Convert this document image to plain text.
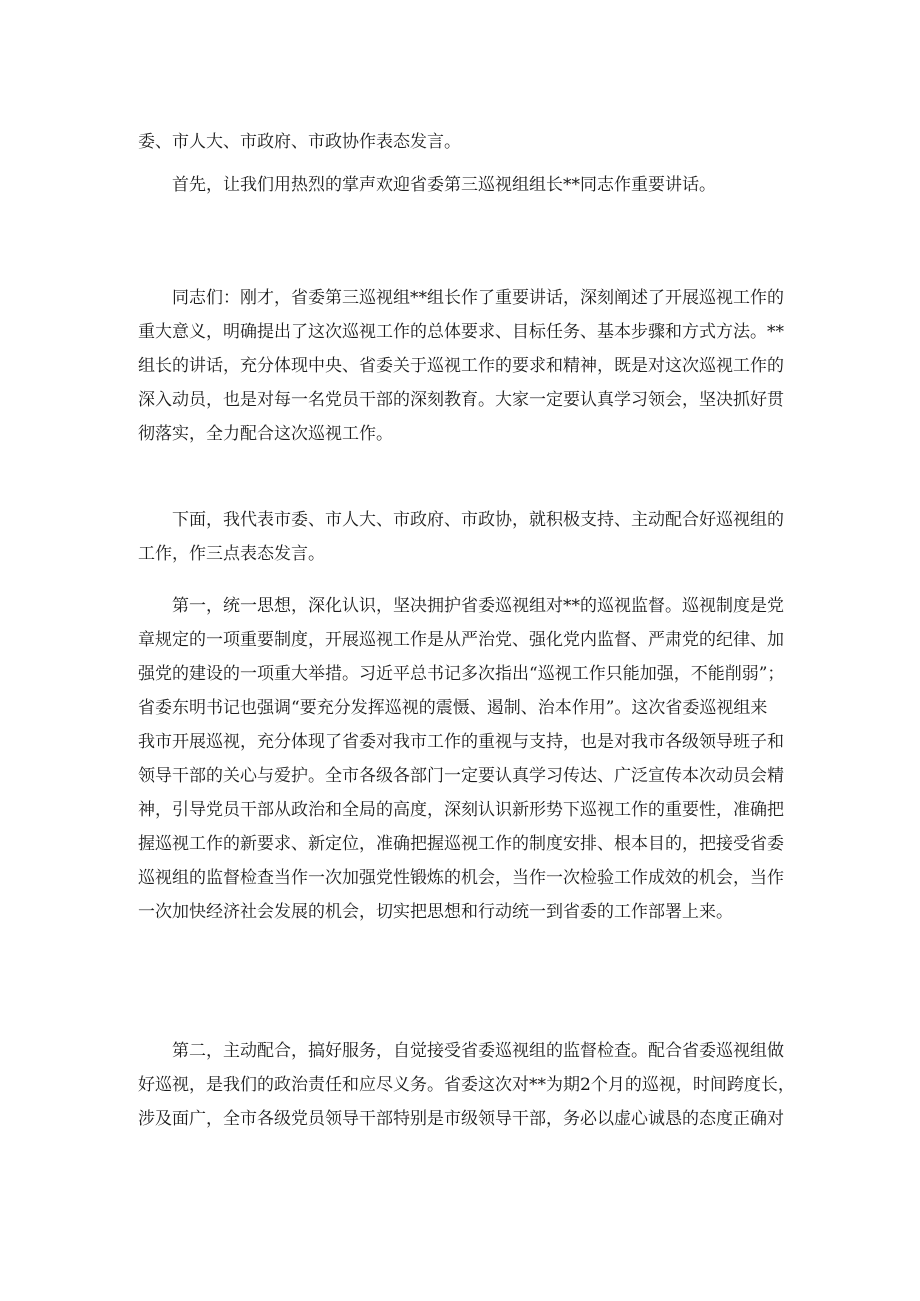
委、市人大、市政府、市政协作表态发言。
首先，让我们用热烈的掌声欢迎省委第三巡视组组长**同志作重要讲话。
同志们：刚才，省委第三巡视组**组长作了重要讲话，深刻阐述了开展巡视工作的
重大意义，明确提出了这次巡视工作的总体要求、目标任务、基本步骤和方式方法。**
组长的讲话，充分体现中央、省委关于巡视工作的要求和精神，既是对这次巡视工作的
深入动员，也是对每一名党员干部的深刻教育。大家一定要认真学习领会，坚决抓好贯
彻落实，全力配合这次巡视工作。
下面，我代表市委、市人大、市政府、市政协，就积极支持、主动配合好巡视组的
工作，作三点表态发言。
第一，统一思想，深化认识，坚决拥护省委巡视组对**的巡视监督。巡视制度是党
章规定的一项重要制度，开展巡视工作是从严治党、强化党内监督、严肃党的纪律、加
强党的建设的一项重大举措。习近平总书记多次指出“巡视工作只能加强，不能削弱”；
省委东明书记也强调“要充分发挥巡视的震慑、遏制、治本作用”。这次省委巡视组来
我市开展巡视，充分体现了省委对我市工作的重视与支持，也是对我市各级领导班子和
领导干部的关心与爱护。全市各级各部门一定要认真学习传达、广泛宣传本次动员会精
神，引导党员干部从政治和全局的高度，深刻认识新形势下巡视工作的重要性，准确把
握巡视工作的新要求、新定位，准确把握巡视工作的制度安排、根本目的，把接受省委
巡视组的监督检查当作一次加强党性锻炼的机会，当作一次检验工作成效的机会，当作
一次加快经济社会发展的机会，切实把思想和行动统一到省委的工作部署上来。
第二，主动配合，搞好服务，自觉接受省委巡视组的监督检查。配合省委巡视组做
好巡视，是我们的政治责任和应尽义务。省委这次对**为期2个月的巡视，时间跨度长，
涉及面广，全市各级党员领导干部特别是市级领导干部，务必以虚心诚恳的态度正确对
